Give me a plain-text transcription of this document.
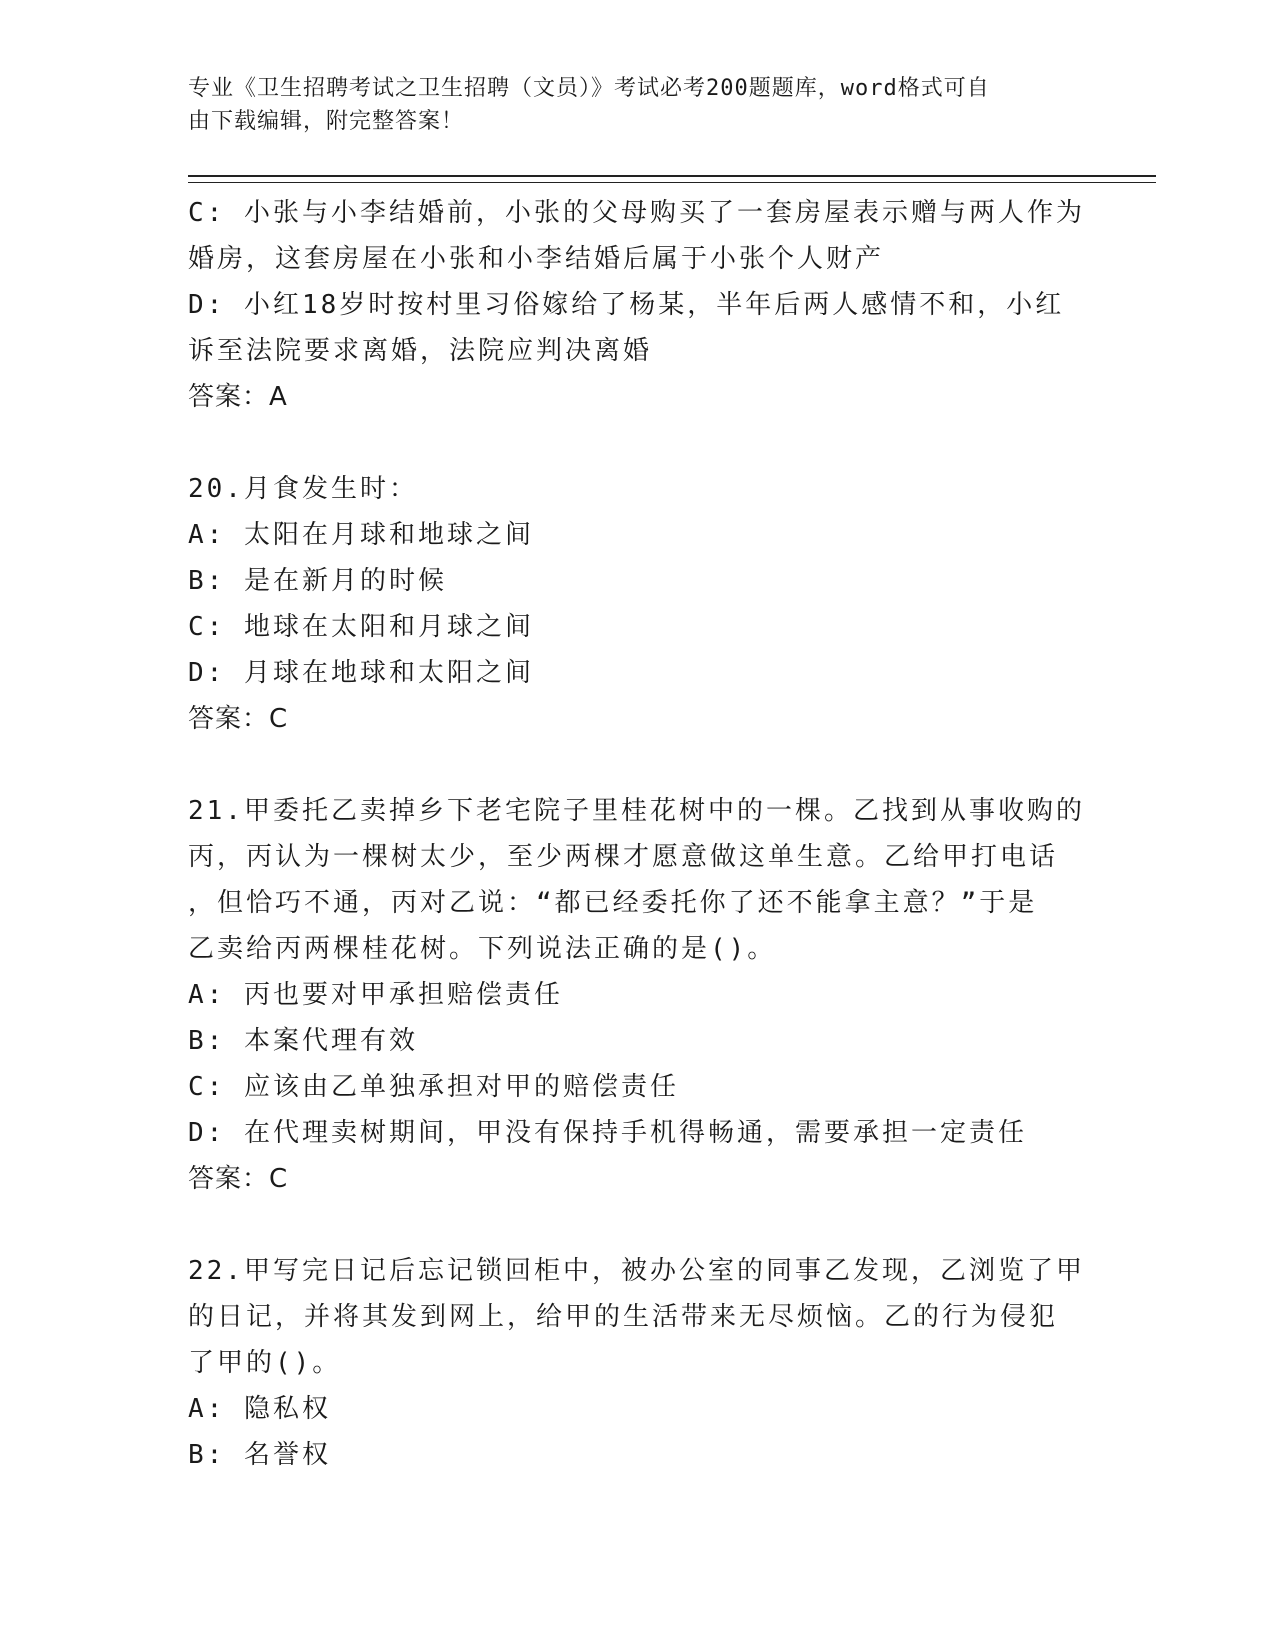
专业《卫生招聘考试之卫生招聘（文员）》考试必考200题题库，word格式可自
由下载编辑，附完整答案！
C: 小张与小李结婚前，小张的父母购买了一套房屋表示赠与两人作为
婚房，这套房屋在小张和小李结婚后属于小张个人财产
D: 小红18岁时按村里习俗嫁给了杨某，半年后两人感情不和，小红
诉至法院要求离婚，法院应判决离婚
答案：A
20.月食发生时：
A: 太阳在月球和地球之间
B: 是在新月的时候
C: 地球在太阳和月球之间
D: 月球在地球和太阳之间
答案：C
21.甲委托乙卖掉乡下老宅院子里桂花树中的一棵。乙找到从事收购的
丙，丙认为一棵树太少，至少两棵才愿意做这单生意。乙给甲打电话
，但恰巧不通，丙对乙说：“都已经委托你了还不能拿主意？”于是
乙卖给丙两棵桂花树。下列说法正确的是()。
A: 丙也要对甲承担赔偿责任
B: 本案代理有效
C: 应该由乙单独承担对甲的赔偿责任
D: 在代理卖树期间，甲没有保持手机得畅通，需要承担一定责任
答案：C
22.甲写完日记后忘记锁回柜中，被办公室的同事乙发现，乙浏览了甲
的日记，并将其发到网上，给甲的生活带来无尽烦恼。乙的行为侵犯
了甲的()。
A: 隐私权
B: 名誉权
